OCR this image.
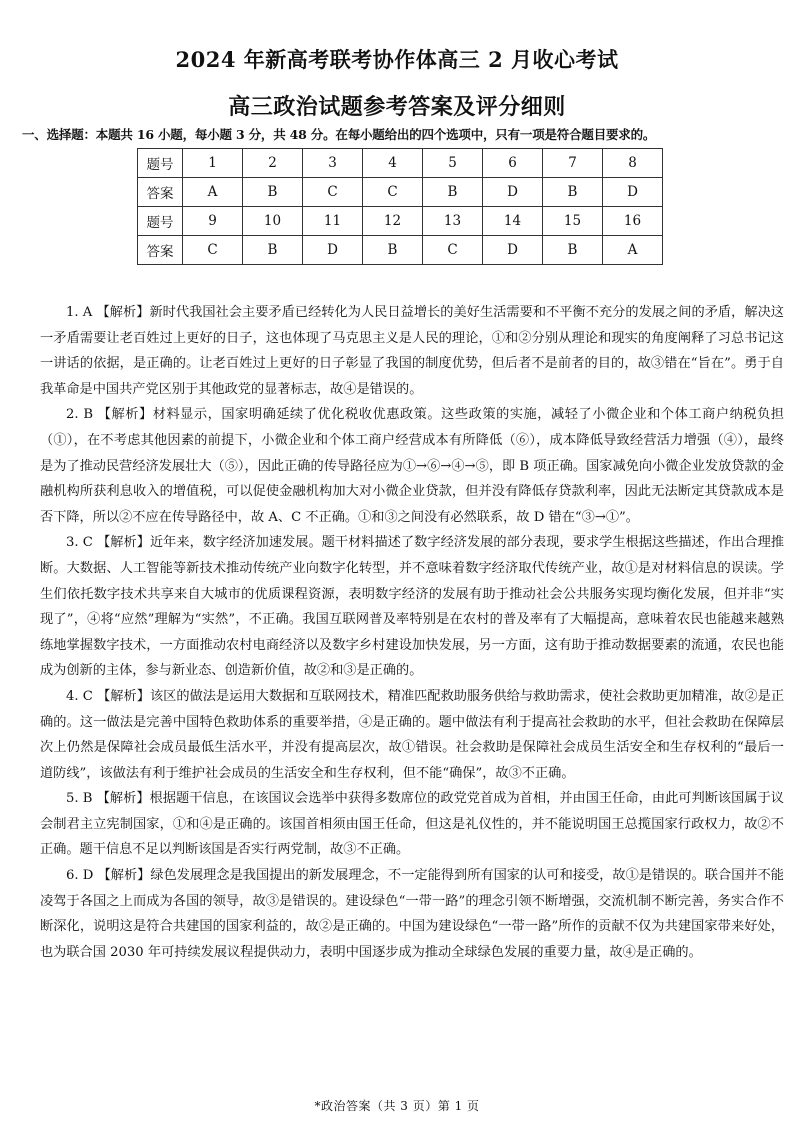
2024 年新高考联考协作体高三 2 月收心考试
高三政治试题参考答案及评分细则
一、选择题：本题共 16 小题，每小题 3 分，共 48 分。在每小题给出的四个选项中，只有一项是符合题目要求的。
题号	1	2	3	4	5	6	7	8
答案	A	B	C	C	B	D	B	D
题号	9	10	11	12	13	14	15	16
答案	C	B	D	B	C	D	B	A

1. A 【解析】新时代我国社会主要矛盾已经转化为人民日益增长的美好生活需要和不平衡不充分的发展之间的矛盾，解决这一矛盾需要让老百姓过上更好的日子，这也体现了马克思主义是人民的理论，①和②分别从理论和现实的角度阐释了习总书记这一讲话的依据，是正确的。让老百姓过上更好的日子彰显了我国的制度优势，但后者不是前者的目的，故③错在“旨在”。勇于自我革命是中国共产党区别于其他政党的显著标志，故④是错误的。

2. B 【解析】材料显示，国家明确延续了优化税收优惠政策。这些政策的实施，减轻了小微企业和个体工商户纳税负担（①），在不考虑其他因素的前提下，小微企业和个体工商户经营成本有所降低（⑥），成本降低导致经营活力增强（④），最终是为了推动民营经济发展壮大（⑤），因此正确的传导路径应为①→⑥→④→⑤，即 B 项正确。国家减免向小微企业发放贷款的金融机构所获利息收入的增值税，可以促使金融机构加大对小微企业贷款，但并没有降低存贷款利率，因此无法断定其贷款成本是否下降，所以②不应在传导路径中，故 A、C 不正确。①和③之间没有必然联系，故 D 错在“③→①”。

3. C 【解析】近年来，数字经济加速发展。题干材料描述了数字经济发展的部分表现，要求学生根据这些描述，作出合理推断。大数据、人工智能等新技术推动传统产业向数字化转型，并不意味着数字经济取代传统产业，故①是对材料信息的误读。学生们依托数字技术共享来自大城市的优质课程资源，表明数字经济的发展有助于推动社会公共服务实现均衡化发展，但并非“实现了”，④将“应然”理解为“实然”，不正确。我国互联网普及率特别是在农村的普及率有了大幅提高，意味着农民也能越来越熟练地掌握数字技术，一方面推动农村电商经济以及数字乡村建设加快发展，另一方面，这有助于推动数据要素的流通，农民也能成为创新的主体，参与新业态、创造新价值，故②和③是正确的。

4. C 【解析】该区的做法是运用大数据和互联网技术，精准匹配救助服务供给与救助需求，使社会救助更加精准，故②是正确的。这一做法是完善中国特色救助体系的重要举措，④是正确的。题中做法有利于提高社会救助的水平，但社会救助在保障层次上仍然是保障社会成员最低生活水平，并没有提高层次，故①错误。社会救助是保障社会成员生活安全和生存权利的“最后一道防线”，该做法有利于维护社会成员的生活安全和生存权利，但不能“确保”，故③不正确。

5. B 【解析】根据题干信息，在该国议会选举中获得多数席位的政党党首成为首相，并由国王任命，由此可判断该国属于议会制君主立宪制国家，①和④是正确的。该国首相须由国王任命，但这是礼仪性的，并不能说明国王总揽国家行政权力，故②不正确。题干信息不足以判断该国是否实行两党制，故③不正确。

6. D 【解析】绿色发展理念是我国提出的新发展理念，不一定能得到所有国家的认可和接受，故①是错误的。联合国并不能凌驾于各国之上而成为各国的领导，故③是错误的。建设绿色“一带一路”的理念引领不断增强，交流机制不断完善，务实合作不断深化，说明这是符合共建国的国家利益的，故②是正确的。中国为建设绿色“一带一路”所作的贡献不仅为共建国家带来好处，也为联合国 2030 年可持续发展议程提供动力，表明中国逐步成为推动全球绿色发展的重要力量，故④是正确的。

*政治答案（共 3 页）第 1 页
